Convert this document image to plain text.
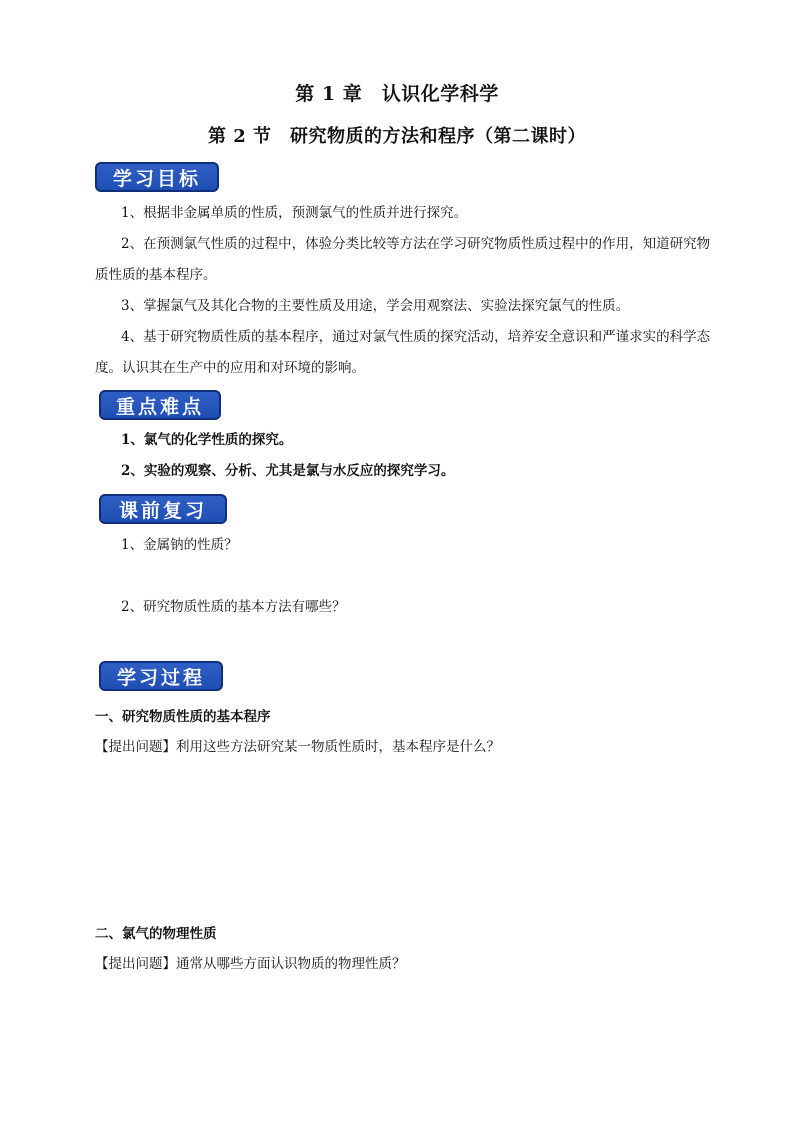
第 1 章　认识化学科学
第 2 节　研究物质的方法和程序（第二课时）
学习目标
1、根据非金属单质的性质，预测氯气的性质并进行探究。
2、在预测氯气性质的过程中，体验分类比较等方法在学习研究物质性质过程中的作用，知道研究物质性质的基本程序。
3、掌握氯气及其化合物的主要性质及用途，学会用观察法、实验法探究氯气的性质。
4、基于研究物质性质的基本程序，通过对氯气性质的探究活动，培养安全意识和严谨求实的科学态度。认识其在生产中的应用和对环境的影响。
重点难点
1、氯气的化学性质的探究。
2、实验的观察、分析、尤其是氯与水反应的探究学习。
课前复习
1、金属钠的性质？
2、研究物质性质的基本方法有哪些？
学习过程
一、研究物质性质的基本程序
【提出问题】利用这些方法研究某一物质性质时，基本程序是什么？
二、氯气的物理性质
【提出问题】通常从哪些方面认识物质的物理性质？
